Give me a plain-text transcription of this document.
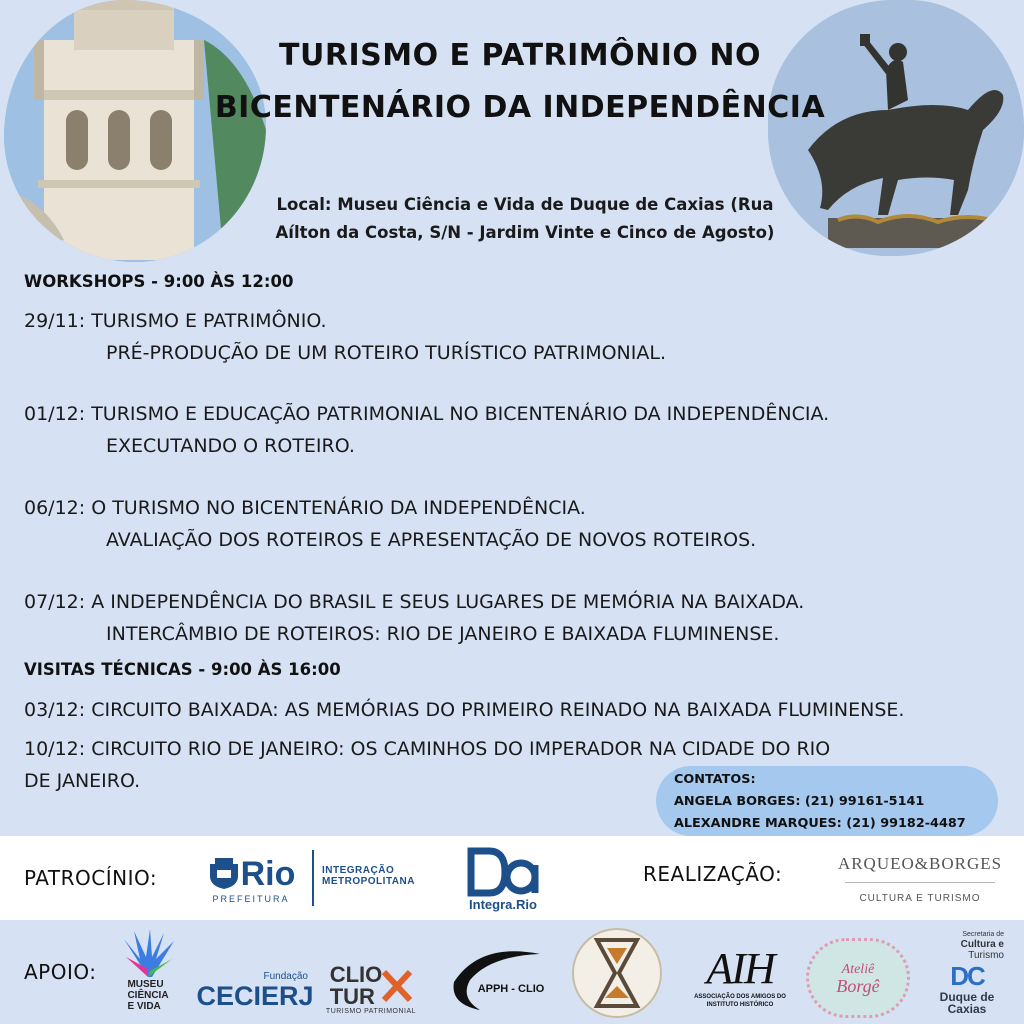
TURISMO E PATRIMÔNIO NO
BICENTENÁRIO DA INDEPENDÊNCIA
Local: Museu Ciência e Vida de Duque de Caxias (Rua
Aílton da Costa, S/N - Jardim Vinte e Cinco de Agosto)
WORKSHOPS - 9:00 ÀS 12:00
29/11: TURISMO E PATRIMÔNIO.
PRÉ-PRODUÇÃO DE UM ROTEIRO TURÍSTICO PATRIMONIAL.
01/12: TURISMO E EDUCAÇÃO PATRIMONIAL NO BICENTENÁRIO DA INDEPENDÊNCIA.
EXECUTANDO O ROTEIRO.
06/12: O TURISMO NO BICENTENÁRIO DA INDEPENDÊNCIA.
AVALIAÇÃO DOS ROTEIROS E APRESENTAÇÃO DE NOVOS ROTEIROS.
07/12: A INDEPENDÊNCIA DO BRASIL E SEUS LUGARES DE MEMÓRIA NA BAIXADA.
INTERCÂMBIO DE ROTEIROS: RIO DE JANEIRO E BAIXADA FLUMINENSE.
VISITAS TÉCNICAS - 9:00 ÀS 16:00
03/12: CIRCUITO BAIXADA: AS MEMÓRIAS DO PRIMEIRO REINADO NA BAIXADA FLUMINENSE.
10/12: CIRCUITO RIO DE JANEIRO: OS CAMINHOS DO IMPERADOR NA CIDADE DO RIO
DE JANEIRO.	CONTATOS:
ANGELA BORGES: (21) 99161-5141
ALEXANDRE MARQUES: (21) 99182-4487
PATROCÍNIO: Rio
PREFEITURA
INTEGRAÇÃO
METROPOLITANA
Integra.Rio
REALIZAÇÃO:	ARQUEO&BORGES
CULTURA E TURISMO
APOIO:	MUSEU
CIÊNCIA
E VIDA
Fundação
CECIERJ
CLIO
TUR
TURISMO PATRIMONIAL
APPH - CLIO	AIH
ASSOCIAÇÃO DOS AMIGOS DO
INSTITUTO HISTÓRICO
Ateliê
Borgê
Secretaria de
Cultura e
Turismo
DC
Duque de
Caxias
